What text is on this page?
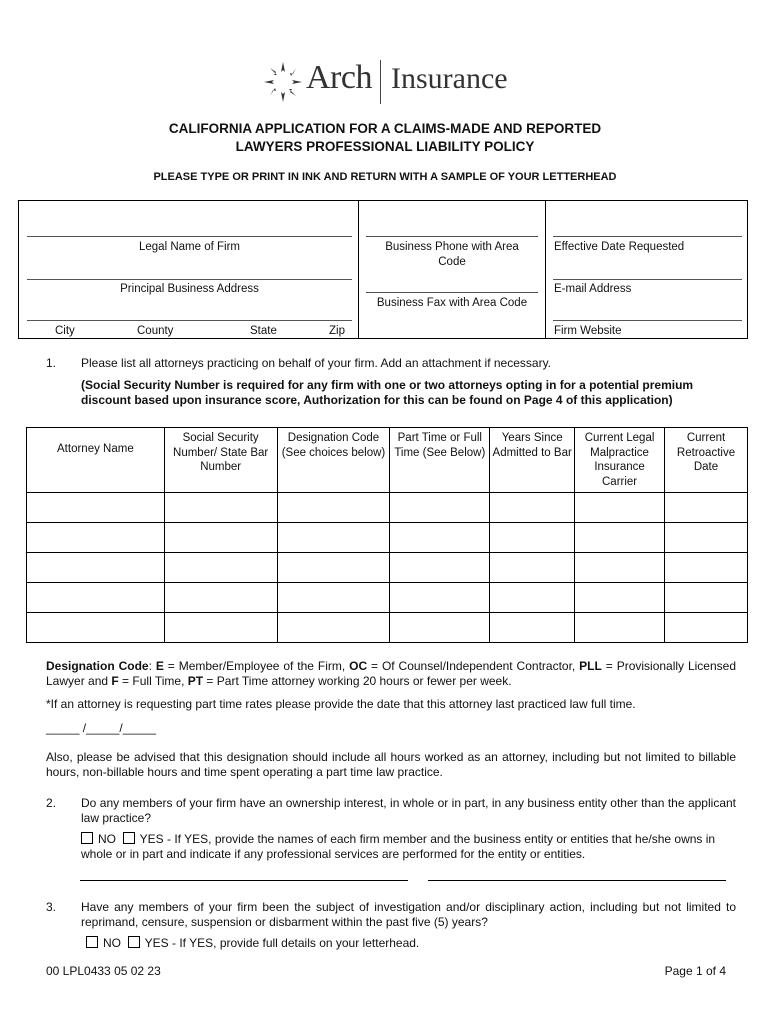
Arch Insurance
CALIFORNIA APPLICATION FOR A CLAIMS-MADE AND REPORTED
LAWYERS PROFESSIONAL LIABILITY POLICY
PLEASE TYPE OR PRINT IN INK AND RETURN WITH A SAMPLE OF YOUR LETTERHEAD
Legal Name of Firm
Principal Business Address
City	County	State	Zip
Business Phone with Area
Code
Business Fax with Area Code
Effective Date Requested
E-mail Address
Firm Website
1. Please list all attorneys practicing on behalf of your firm. Add an attachment if necessary.
(Social Security Number is required for any firm with one or two attorneys opting in for a potential premium discount based upon insurance score, Authorization for this can be found on Page 4 of this application)
Attorney Name	Social Security Number/ State Bar Number	Designation Code (See choices below)	Part Time or Full Time (See Below)	Years Since Admitted to Bar	Current Legal Malpractice Insurance Carrier	Current Retroactive Date

Designation Code: E = Member/Employee of the Firm, OC = Of Counsel/Independent Contractor, PLL = Provisionally Licensed Lawyer and F = Full Time, PT = Part Time attorney working 20 hours or fewer per week.
*If an attorney is requesting part time rates please provide the date that this attorney last practiced law full time.
_____ /_____/_____
Also, please be advised that this designation should include all hours worked as an attorney, including but not limited to billable hours, non-billable hours and time spent operating a part time law practice.
2. Do any members of your firm have an ownership interest, in whole or in part, in any business entity other than the applicant law practice?
NO YES - If YES, provide the names of each firm member and the business entity or entities that he/she owns in whole or in part and indicate if any professional services are performed for the entity or entities.
3. Have any members of your firm been the subject of investigation and/or disciplinary action, including but not limited to reprimand, censure, suspension or disbarment within the past five (5) years?
NO YES - If YES, provide full details on your letterhead.
00 LPL0433 05 02 23	Page 1 of 4
